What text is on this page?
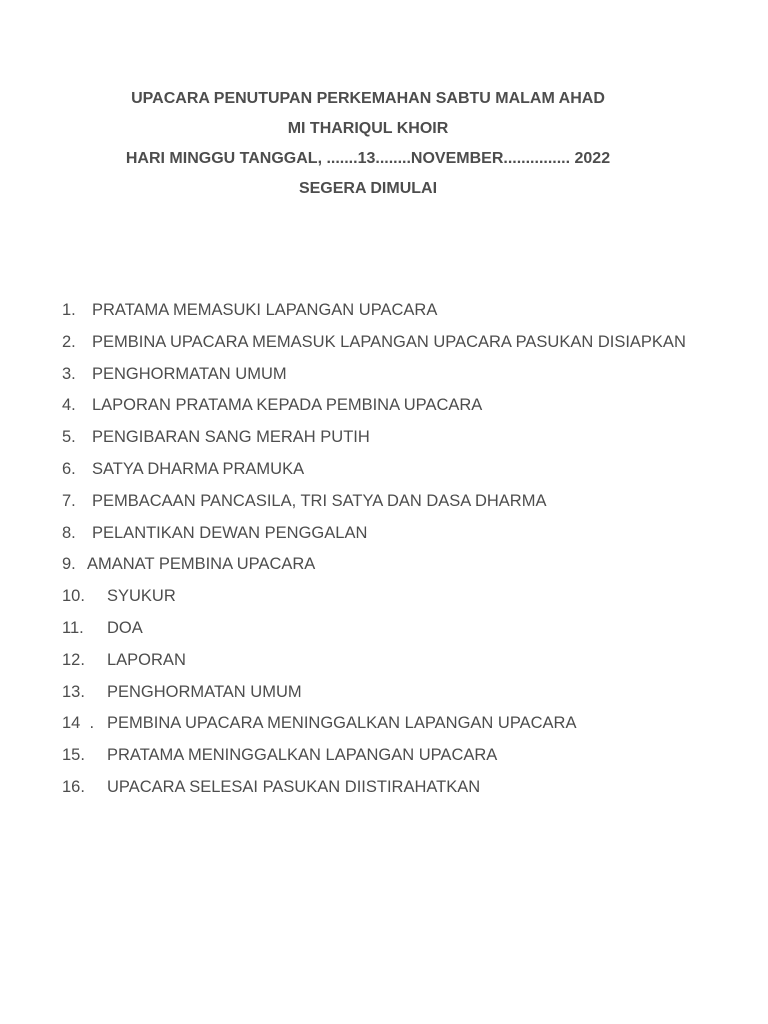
UPACARA PENUTUPAN PERKEMAHAN SABTU MALAM AHAD
MI THARIQUL KHOIR
HARI MINGGU TANGGAL, .......13........NOVEMBER............... 2022
SEGERA DIMULAI
1. PRATAMA MEMASUKI LAPANGAN UPACARA
2. PEMBINA UPACARA MEMASUK LAPANGAN UPACARA PASUKAN DISIAPKAN
3. PENGHORMATAN UMUM
4. LAPORAN PRATAMA KEPADA PEMBINA UPACARA
5. PENGIBARAN SANG MERAH PUTIH
6. SATYA DHARMA PRAMUKA
7. PEMBACAAN PANCASILA, TRI SATYA DAN DASA DHARMA
8. PELANTIKAN DEWAN PENGGALAN
9. AMANAT PEMBINA UPACARA
10. SYUKUR
11. DOA
12. LAPORAN
13. PENGHORMATAN UMUM
14  . PEMBINA UPACARA MENINGGALKAN LAPANGAN UPACARA
15. PRATAMA MENINGGALKAN LAPANGAN UPACARA
16. UPACARA SELESAI PASUKAN DIISTIRAHATKAN
